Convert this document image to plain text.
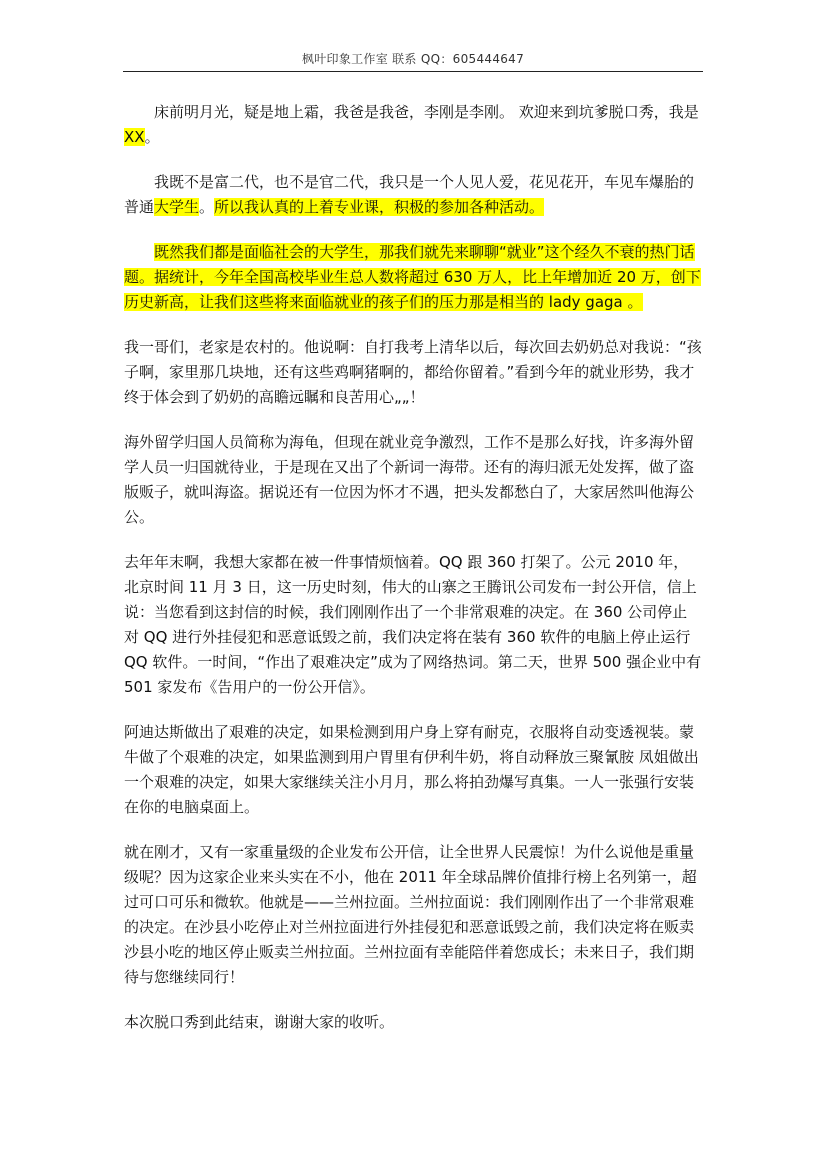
枫叶印象工作室 联系 QQ：605444647

床前明月光，疑是地上霜，我爸是我爸，李刚是李刚。 欢迎来到坑爹脱口秀，我是XX。

我既不是富二代，也不是官二代，我只是一个人见人爱，花见花开，车见车爆胎的普通大学生。所以我认真的上着专业课，积极的参加各种活动。

既然我们都是面临社会的大学生，那我们就先来聊聊“就业”这个经久不衰的热门话题。据统计，今年全国高校毕业生总人数将超过 630 万人，比上年增加近 20 万，创下历史新高，让我们这些将来面临就业的孩子们的压力那是相当的 lady gaga 。

我一哥们，老家是农村的。他说啊：自打我考上清华以后，每次回去奶奶总对我说：“孩子啊，家里那几块地，还有这些鸡啊猪啊的，都给你留着。”看到今年的就业形势，我才终于体会到了奶奶的高瞻远瞩和良苦用心„„！

海外留学归国人员简称为海龟，但现在就业竞争激烈，工作不是那么好找，许多海外留学人员一归国就待业，于是现在又出了个新词一海带。还有的海归派无处发挥，做了盗版贩子，就叫海盗。据说还有一位因为怀才不遇，把头发都愁白了，大家居然叫他海公公。

去年年末啊，我想大家都在被一件事情烦恼着。QQ 跟 360 打架了。公元 2010 年，北京时间 11 月 3 日，这一历史时刻，伟大的山寨之王腾讯公司发布一封公开信，信上说：当您看到这封信的时候，我们刚刚作出了一个非常艰难的决定。在 360 公司停止对 QQ 进行外挂侵犯和恶意诋毁之前，我们决定将在装有 360 软件的电脑上停止运行 QQ 软件。一时间，“作出了艰难决定”成为了网络热词。第二天，世界 500 强企业中有 501 家发布《告用户的一份公开信》。

阿迪达斯做出了艰难的决定，如果检测到用户身上穿有耐克，衣服将自动变透视装。蒙牛做了个艰难的决定，如果监测到用户胃里有伊利牛奶，将自动释放三聚氰胺 凤姐做出一个艰难的决定，如果大家继续关注小月月，那么将拍劲爆写真集。一人一张强行安装在你的电脑桌面上。

就在刚才，又有一家重量级的企业发布公开信，让全世界人民震惊！为什么说他是重量级呢？因为这家企业来头实在不小，他在 2011 年全球品牌价值排行榜上名列第一，超过可口可乐和微软。他就是——兰州拉面。兰州拉面说：我们刚刚作出了一个非常艰难的决定。在沙县小吃停止对兰州拉面进行外挂侵犯和恶意诋毁之前，我们决定将在贩卖沙县小吃的地区停止贩卖兰州拉面。兰州拉面有幸能陪伴着您成长；未来日子，我们期待与您继续同行！

本次脱口秀到此结束，谢谢大家的收听。
